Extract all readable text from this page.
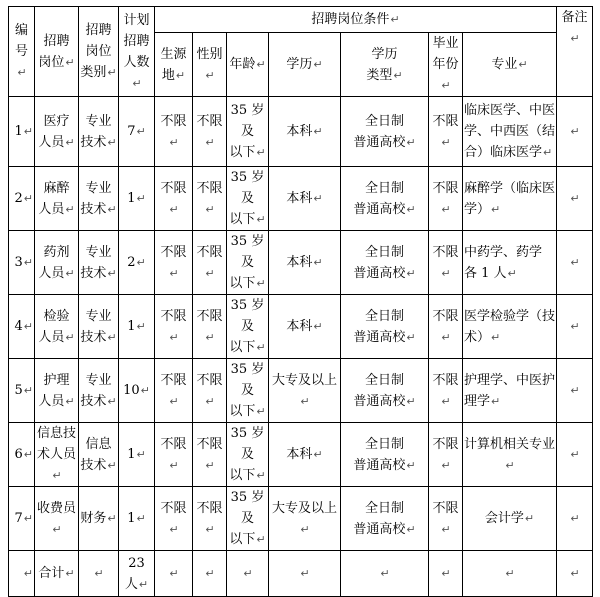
编
号↵	招聘
岗位↵	招聘
岗位
类别↵	计划
招聘
人数↵	招聘岗位条件↵							备注↵
				生源
地↵	性别↵	年龄↵	学历↵	学历
类型↵	毕业
年份↵	专业↵	
1↵	医疗
人员↵	专业
技术↵	7↵	不限↵	不限↵	35 岁及
以下↵	本科↵	全日制
普通高校↵	不限↵	临床医学、中医
学、中西医（结
合）临床医学↵	↵
2↵	麻醉
人员↵	专业
技术↵	1↵	不限↵	不限↵	35 岁及
以下↵	本科↵	全日制
普通高校↵	不限↵	麻醉学（临床医
学）↵	↵
3↵	药剂
人员↵	专业
技术↵	2↵	不限↵	不限↵	35 岁及
以下↵	本科↵	全日制
普通高校↵	不限↵	中药学、药学
各 1 人↵	↵
4↵	检验
人员↵	专业
技术↵	1↵	不限↵	不限↵	35 岁及
以下↵	本科↵	全日制
普通高校↵	不限↵	医学检验学（技
术）↵	↵
5↵	护理
人员↵	专业
技术↵	10↵	不限↵	不限↵	35 岁及
以下↵	大专及以上↵	全日制
普通高校↵	不限↵	护理学、中医护
理学↵	↵
6↵	信息技
术人员↵	信息
技术↵	1↵	不限↵	不限↵	35 岁及
以下↵	本科↵	全日制
普通高校↵	不限↵	计算机相关专业↵	↵
7↵	收费员↵	财务↵	1↵	不限↵	不限↵	35 岁及
以下↵	大专及以上↵	全日制
普通高校↵	不限↵	会计学↵	↵
↵	合计↵	↵	23 人↵	↵	↵	↵	↵	↵	↵	↵	↵
